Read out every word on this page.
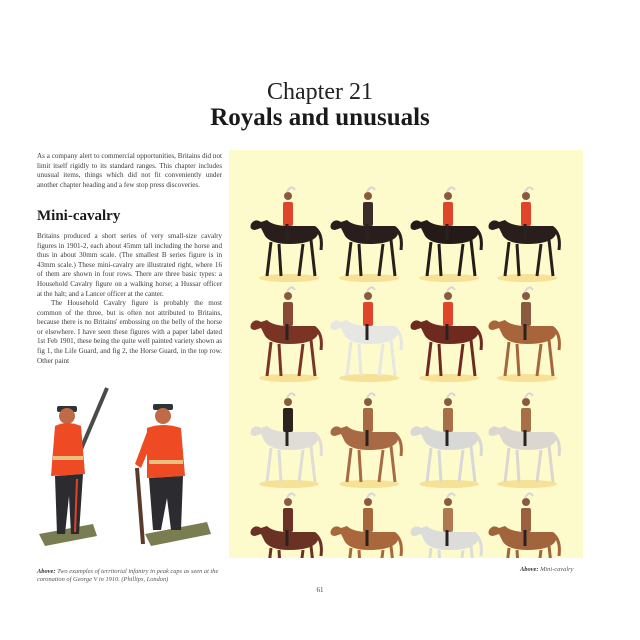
Chapter 21
Royals and unusuals
As a company alert to commercial opportunities, Britains did not limit itself rigidly to its standard ranges. This chapter includes unusual items, things which did not fit conveniently under another chapter heading and a few stop press discoveries.
Mini-cavalry
Britains produced a short series of very small-size cavalry figures in 1901-2, each about 45mm tall including the horse and thus in about 30mm scale. (The smallest B series figure is in 43mm scale.) These mini-cavalry are illustrated right, where 16 of them are shown in four rows. There are three basic types: a Household Cavalry figure on a walking horse; a Hussar officer at the halt; and a Lancer officer at the canter.
The Household Cavalry figure is probably the most common of the three, but is often not attributed to Britains, because there is no Britains' embossing on the belly of the horse or elsewhere. I have seen these figures with a paper label dated 1st Feb 1901, these being the quite well painted variety shown as fig 1, the Life Guard, and fig 2, the Horse Guard, in the top row. Other paint
Above: Two examples of territorial infantry in peak caps as seen at the coronation of George V in 1910. (Phillips, London)
Above: Mini-cavalry
61
